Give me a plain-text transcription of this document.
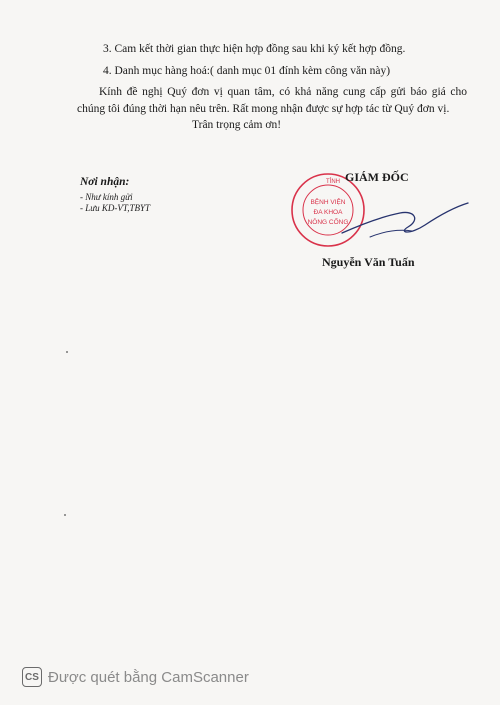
3. Cam kết thời gian thực hiện hợp đồng sau khi ký kết hợp đồng.
4. Danh mục hàng hoá:( danh mục 01 đính kèm công văn này)
Kính đề nghị Quý đơn vị quan tâm, có khả năng cung cấp gửi báo giá cho chúng tôi đúng thời hạn nêu trên. Rất mong nhận được sự hợp tác từ Quý đơn vị.
Trân trọng cảm ơn!
Nơi nhận:
- Như kính gửi
- Lưu KD-VT,TBYT
TỈNH
BỆNH VIỆN
ĐA KHOA
NÔNG CỐNG
GIÁM ĐỐC
Nguyễn Văn Tuấn
CS Được quét bằng CamScanner
